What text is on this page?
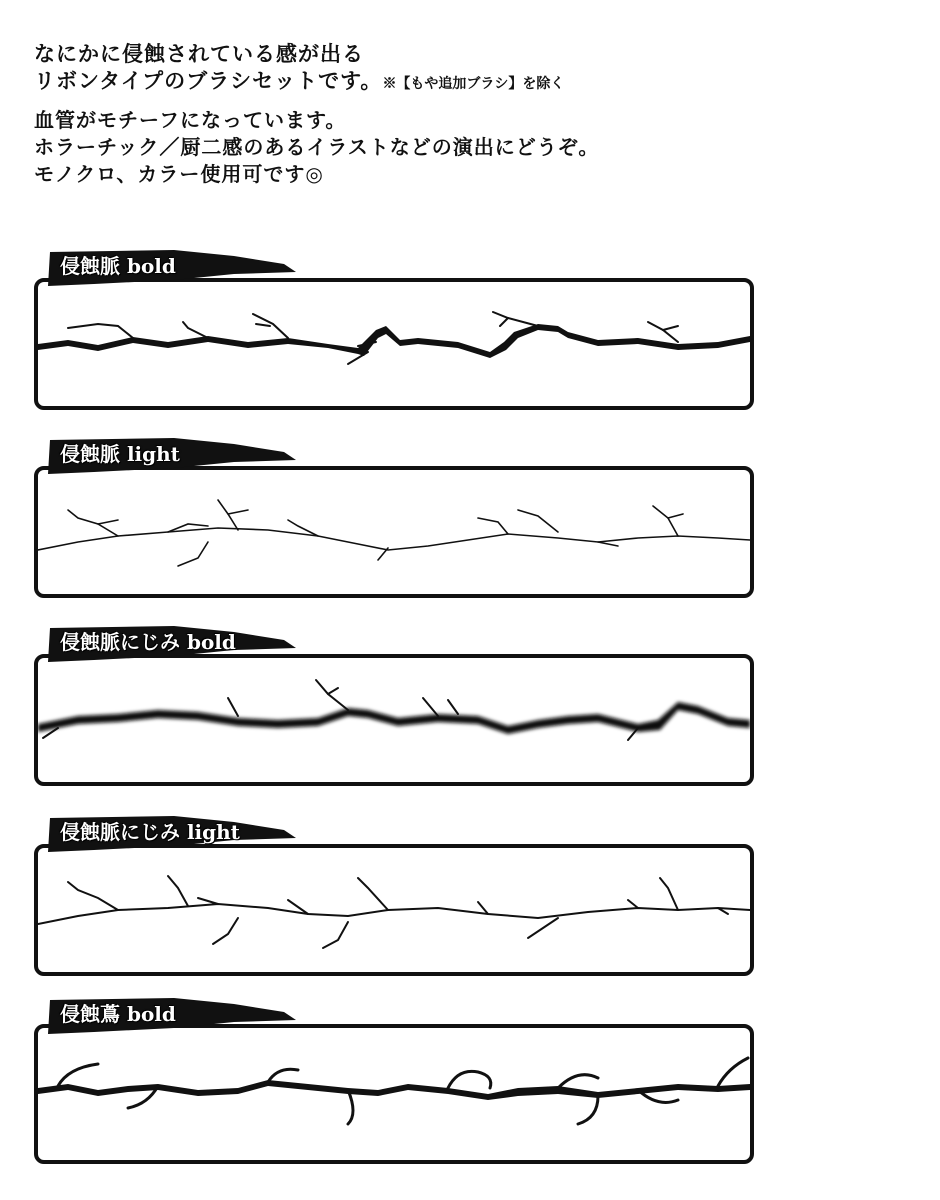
なにかに侵蝕されている感が出る

リボンタイプのブラシセットです。※【もや追加ブラシ】を除く

血管がモチーフになっています。

ホラーチック／厨二感のあるイラストなどの演出にどうぞ。

モノクロ、カラー使用可です◎

侵蝕脈 bold
侵蝕脈 light
侵蝕脈にじみ bold
侵蝕脈にじみ light
侵蝕蔦 bold
